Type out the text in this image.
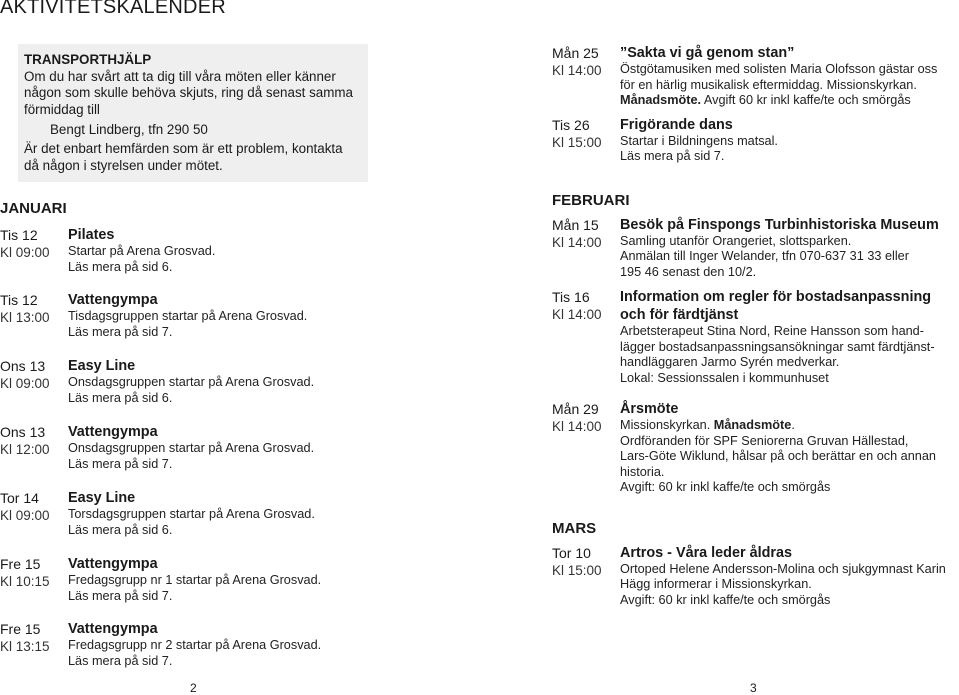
AKTIVITETSKALENDER

TRANSPORTHJÄLP

Om du har svårt att ta dig till våra möten eller känner

någon som skulle behöva skjuts, ring då senast samma

förmiddag till

Bengt Lindberg, tfn 290 50

Är det enbart hemfärden som är ett problem, kontakta

då någon i styrelsen under mötet.

JANUARI
Tis 12
Kl 09:00
Pilates
Startar på Arena Grosvad.
Läs mera på sid 6.
Tis 12
Kl 13:00
Vattengympa
Tisdagsgruppen startar på Arena Grosvad.
Läs mera på sid 7.
Ons 13
Kl 09:00
Easy Line
Onsdagsgruppen startar på Arena Grosvad.
Läs mera på sid 6.
Ons 13
Kl 12:00
Vattengympa
Onsdagsgruppen startar på Arena Grosvad.
Läs mera på sid 7.
Tor 14
Kl 09:00
Easy Line
Torsdagsgruppen startar på Arena Grosvad.
Läs mera på sid 6.
Fre 15
Kl 10:15
Vattengympa
Fredagsgrupp nr 1 startar på Arena Grosvad.
Läs mera på sid 7.
Fre 15
Kl 13:15
Vattengympa
Fredagsgrupp nr 2 startar på Arena Grosvad.
Läs mera på sid 7.
Mån 25
Kl 14:00
”Sakta vi gå genom stan”
Östgötamusiken med solisten Maria Olofsson gästar oss
för en härlig musikalisk eftermiddag. Missionskyrkan.
Månadsmöte. Avgift 60 kr inkl kaffe/te och smörgås
Tis 26
Kl 15:00
Frigörande dans
Startar i Bildningens matsal.
Läs mera på sid 7.
FEBRUARI
Mån 15
Kl 14:00
Besök på Finspongs Turbinhistoriska Museum
Samling utanför Orangeriet, slottsparken.
Anmälan till Inger Welander, tfn 070-637 31 33 eller
195 46 senast den 10/2.
Tis 16
Kl 14:00
Information om regler för bostadsanpassning
och för färdtjänst
Arbetsterapeut Stina Nord, Reine Hansson som hand-
lägger bostadsanpassningsansökningar samt färdtjänst-
handläggaren Jarmo Syrén medverkar.
Lokal: Sessionssalen i kommunhuset
Mån 29
Kl 14:00
Årsmöte
Missionskyrkan. Månadsmöte.
Ordföranden för SPF Seniorerna Gruvan Hällestad,
Lars-Göte Wiklund, hålsar på och berättar en och annan
historia.
Avgift: 60 kr inkl kaffe/te och smörgås
MARS
Tor 10
Kl 15:00
Artros - Våra leder åldras
Ortoped Helene Andersson-Molina och sjukgymnast Karin
Hägg informerar i Missionskyrkan.
Avgift: 60 kr inkl kaffe/te och smörgås
2	3
